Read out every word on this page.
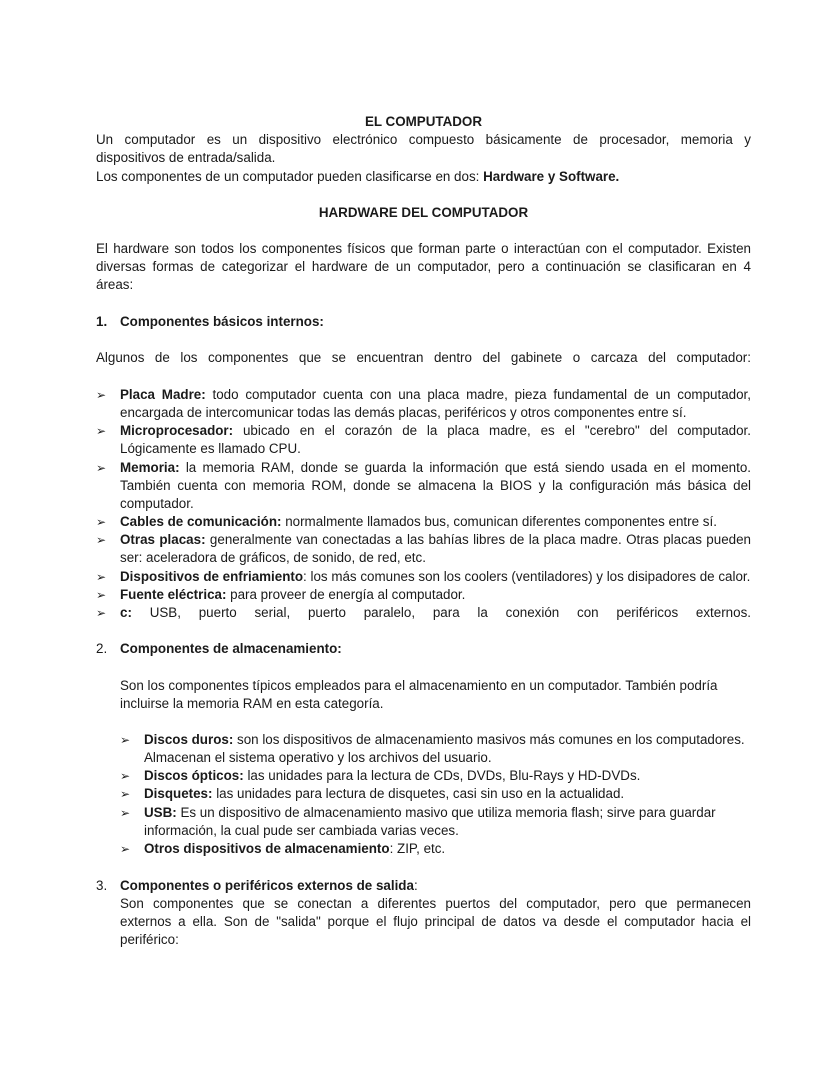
EL COMPUTADOR
Un computador es un dispositivo electrónico compuesto básicamente de procesador, memoria y
dispositivos de entrada/salida.
Los componentes de un computador pueden clasificarse en dos: Hardware y Software.
HARDWARE DEL COMPUTADOR
El hardware son todos los componentes físicos que forman parte o interactúan con el computador. Existen
diversas formas de categorizar el hardware de un computador, pero a continuación se clasificaran en 4
áreas:
1. Componentes básicos internos:
Algunos de los componentes que se encuentran dentro del gabinete o carcaza del computador:
➢	Placa Madre: todo computador cuenta con una placa madre, pieza fundamental de un computador,
encargada de intercomunicar todas las demás placas, periféricos y otros componentes entre sí.
➢	Microprocesador: ubicado en el corazón de la placa madre, es el "cerebro" del computador.
Lógicamente es llamado CPU.
➢	Memoria: la memoria RAM, donde se guarda la información que está siendo usada en el momento.
También cuenta con memoria ROM, donde se almacena la BIOS y la configuración más básica del
computador.
➢	Cables de comunicación: normalmente llamados bus, comunican diferentes componentes entre sí.
➢	Otras placas: generalmente van conectadas a las bahías libres de la placa madre. Otras placas pueden
ser: aceleradora de gráficos, de sonido, de red, etc.
➢	Dispositivos de enfriamiento: los más comunes son los coolers (ventiladores) y los disipadores de calor.
➢	Fuente eléctrica: para proveer de energía al computador.
➢	c: USB, puerto serial, puerto paralelo, para la conexión con periféricos externos.
2. Componentes de almacenamiento:
Son los componentes típicos empleados para el almacenamiento en un computador. También podría
incluirse la memoria RAM en esta categoría.
➢	Discos duros: son los dispositivos de almacenamiento masivos más comunes en los computadores.
Almacenan el sistema operativo y los archivos del usuario.
➢	Discos ópticos: las unidades para la lectura de CDs, DVDs, Blu-Rays y HD-DVDs.
➢	Disquetes: las unidades para lectura de disquetes, casi sin uso en la actualidad.
➢	USB: Es un dispositivo de almacenamiento masivo que utiliza memoria flash; sirve para guardar
información, la cual pude ser cambiada varias veces.
➢	Otros dispositivos de almacenamiento: ZIP, etc.
3. Componentes o periféricos externos de salida:
Son componentes que se conectan a diferentes puertos del computador, pero que permanecen
externos a ella. Son de "salida" porque el flujo principal de datos va desde el computador hacia el
periférico:
